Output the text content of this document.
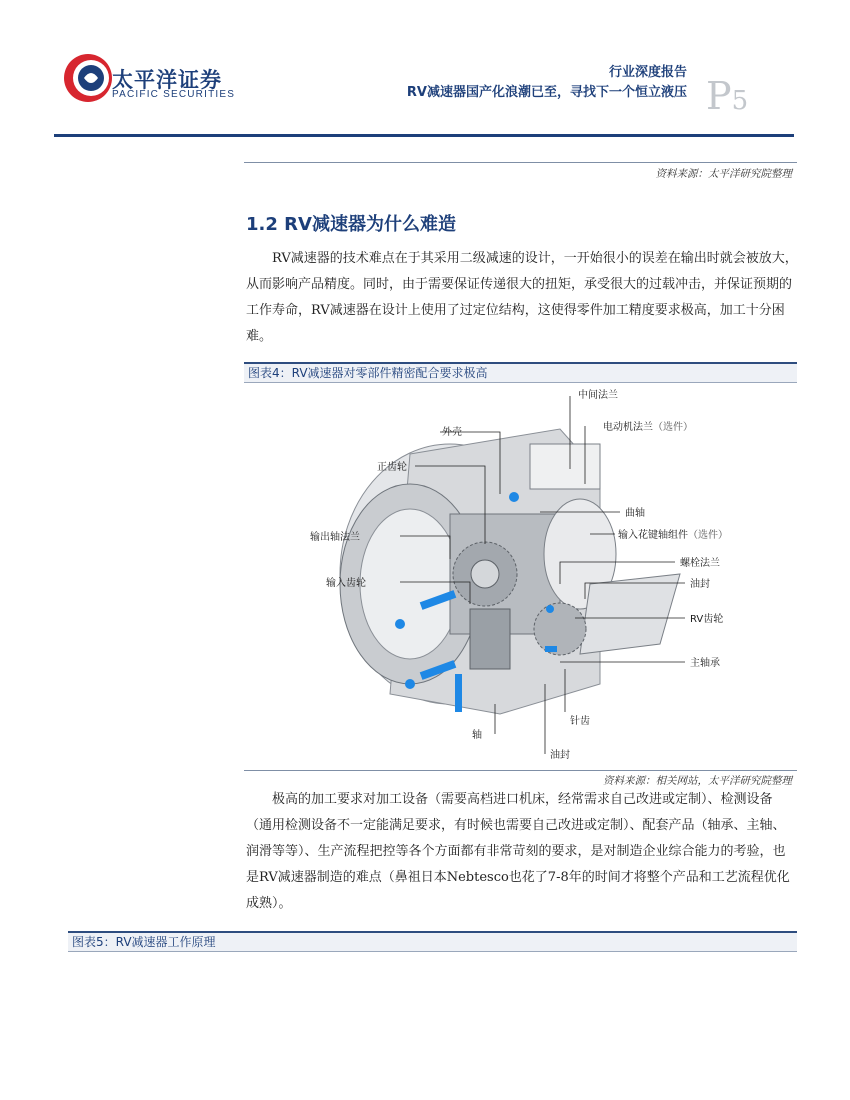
太平洋证券
PACIFIC SECURITIES
行业深度报告
RV减速器国产化浪潮已至，寻找下一个恒立液压 P5
资料来源：太平洋研究院整理
1.2 RV减速器为什么难造

RV减速器的技术难点在于其采用二级减速的设计，一开始很小的误差在输出时就会被放大，从而影响产品精度。同时，由于需要保证传递很大的扭矩，承受很大的过载冲击，并保证预期的工作寿命，RV减速器在设计上使用了过定位结构，这使得零件加工精度要求极高，加工十分困难。

图表4：RV减速器对零部件精密配合要求极高
中间法兰
外壳	电动机法兰（选件）
正齿轮
曲轴
输出轴法兰	输入花键轴组件（选件）
螺栓法兰
输入齿轮	油封
RV齿轮
主轴承
针齿
轴
油封
资料来源：相关网站，太平洋研究院整理

极高的加工要求对加工设备（需要高档进口机床，经常需求自己改进或定制）、检测设备（通用检测设备不一定能满足要求，有时候也需要自己改进或定制）、配套产品（轴承、主轴、润滑等等）、生产流程把控等各个方面都有非常苛刻的要求，是对制造企业综合能力的考验，也是RV减速器制造的难点（鼻祖日本Nebtesco也花了7-8年的时间才将整个产品和工艺流程优化成熟）。

图表5：RV减速器工作原理
